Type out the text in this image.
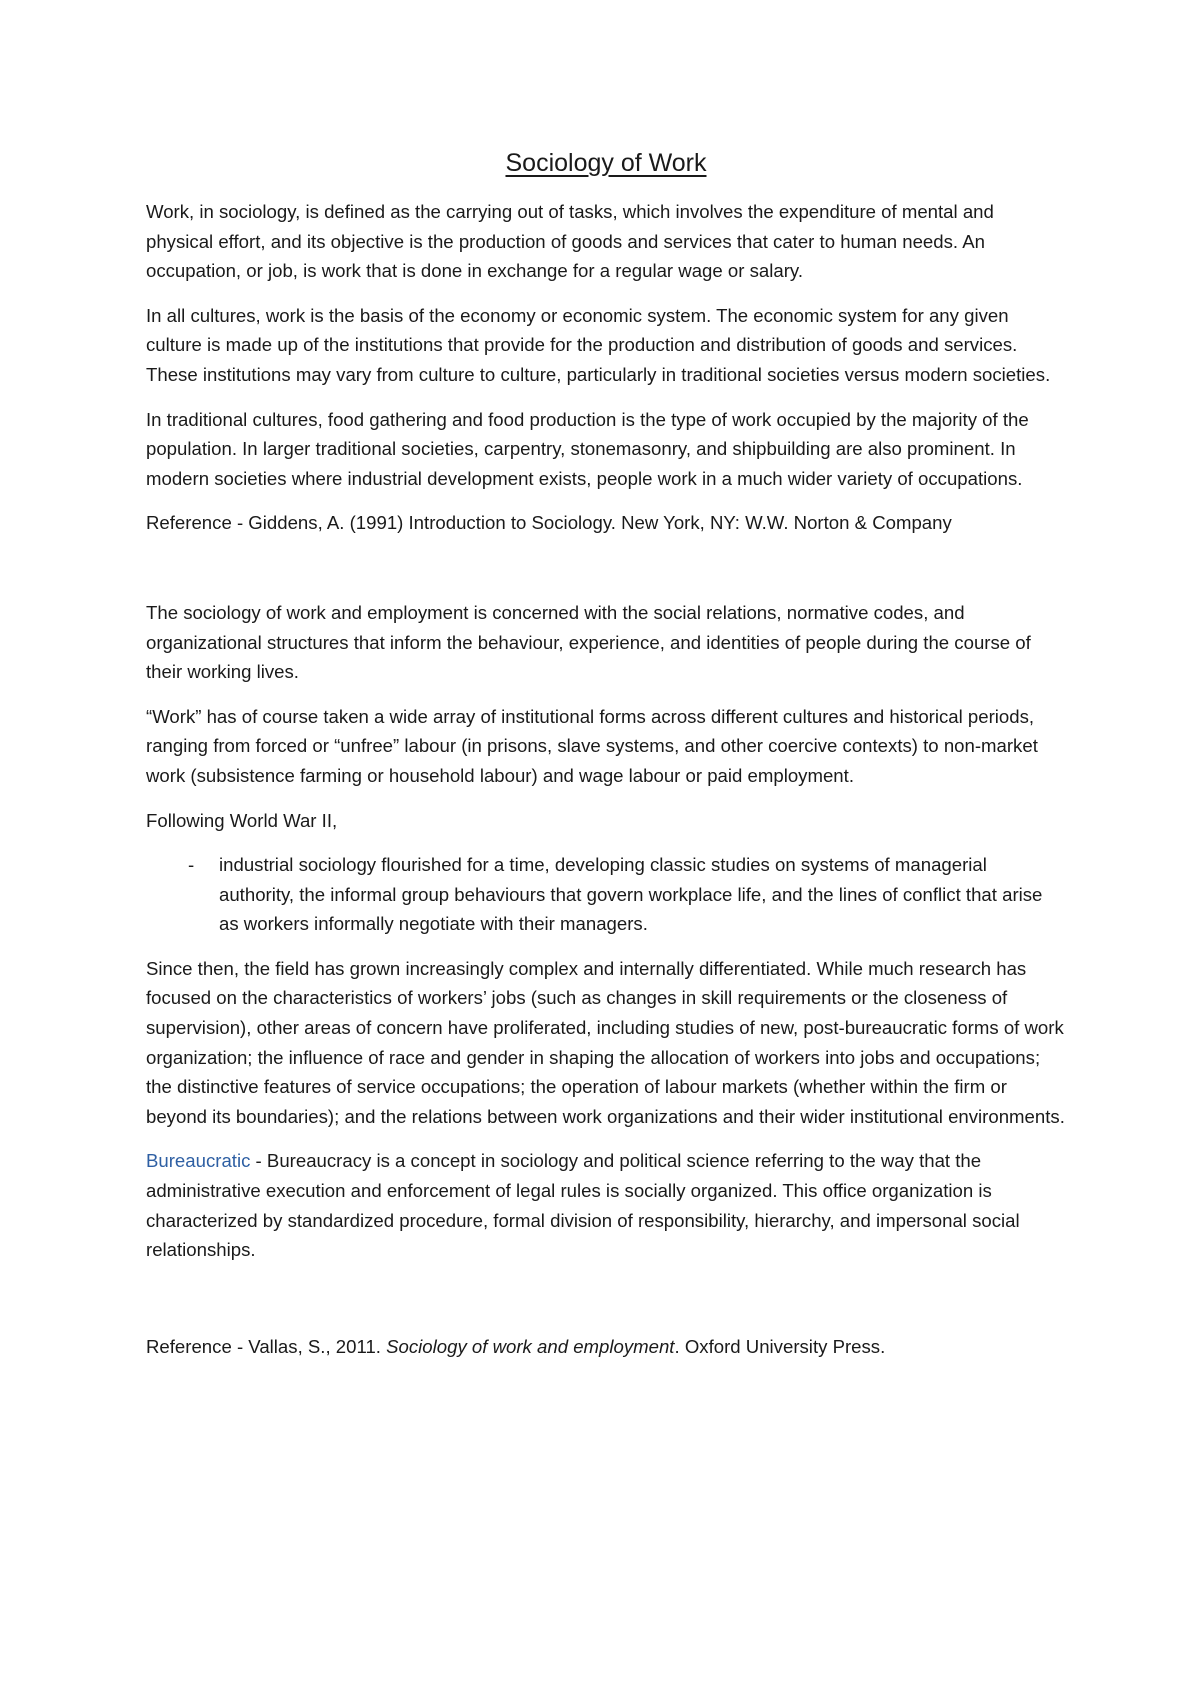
Sociology of Work

Work, in sociology, is defined as the carrying out of tasks, which involves the expenditure of mental and physical effort, and its objective is the production of goods and services that cater to human needs. An occupation, or job, is work that is done in exchange for a regular wage or salary.

In all cultures, work is the basis of the economy or economic system. The economic system for any given culture is made up of the institutions that provide for the production and distribution of goods and services. These institutions may vary from culture to culture, particularly in traditional societies versus modern societies.

In traditional cultures, food gathering and food production is the type of work occupied by the majority of the population. In larger traditional societies, carpentry, stonemasonry, and shipbuilding are also prominent. In modern societies where industrial development exists, people work in a much wider variety of occupations.

Reference - Giddens, A. (1991) Introduction to Sociology. New York, NY: W.W. Norton & Company

The sociology of work and employment is concerned with the social relations, normative codes, and organizational structures that inform the behaviour, experience, and identities of people during the course of their working lives.

“Work” has of course taken a wide array of institutional forms across different cultures and historical periods, ranging from forced or “unfree” labour (in prisons, slave systems, and other coercive contexts) to non-market work (subsistence farming or household labour) and wage labour or paid employment.

Following World War II,

- industrial sociology flourished for a time, developing classic studies on systems of managerial authority, the informal group behaviours that govern workplace life, and the lines of conflict that arise as workers informally negotiate with their managers.

Since then, the field has grown increasingly complex and internally differentiated. While much research has focused on the characteristics of workers’ jobs (such as changes in skill requirements or the closeness of supervision), other areas of concern have proliferated, including studies of new, post-bureaucratic forms of work organization; the influence of race and gender in shaping the allocation of workers into jobs and occupations; the distinctive features of service occupations; the operation of labour markets (whether within the firm or beyond its boundaries); and the relations between work organizations and their wider institutional environments.

Bureaucratic - Bureaucracy is a concept in sociology and political science referring to the way that the administrative execution and enforcement of legal rules is socially organized. This office organization is characterized by standardized procedure, formal division of responsibility, hierarchy, and impersonal social relationships.

Reference - Vallas, S., 2011. Sociology of work and employment. Oxford University Press.
